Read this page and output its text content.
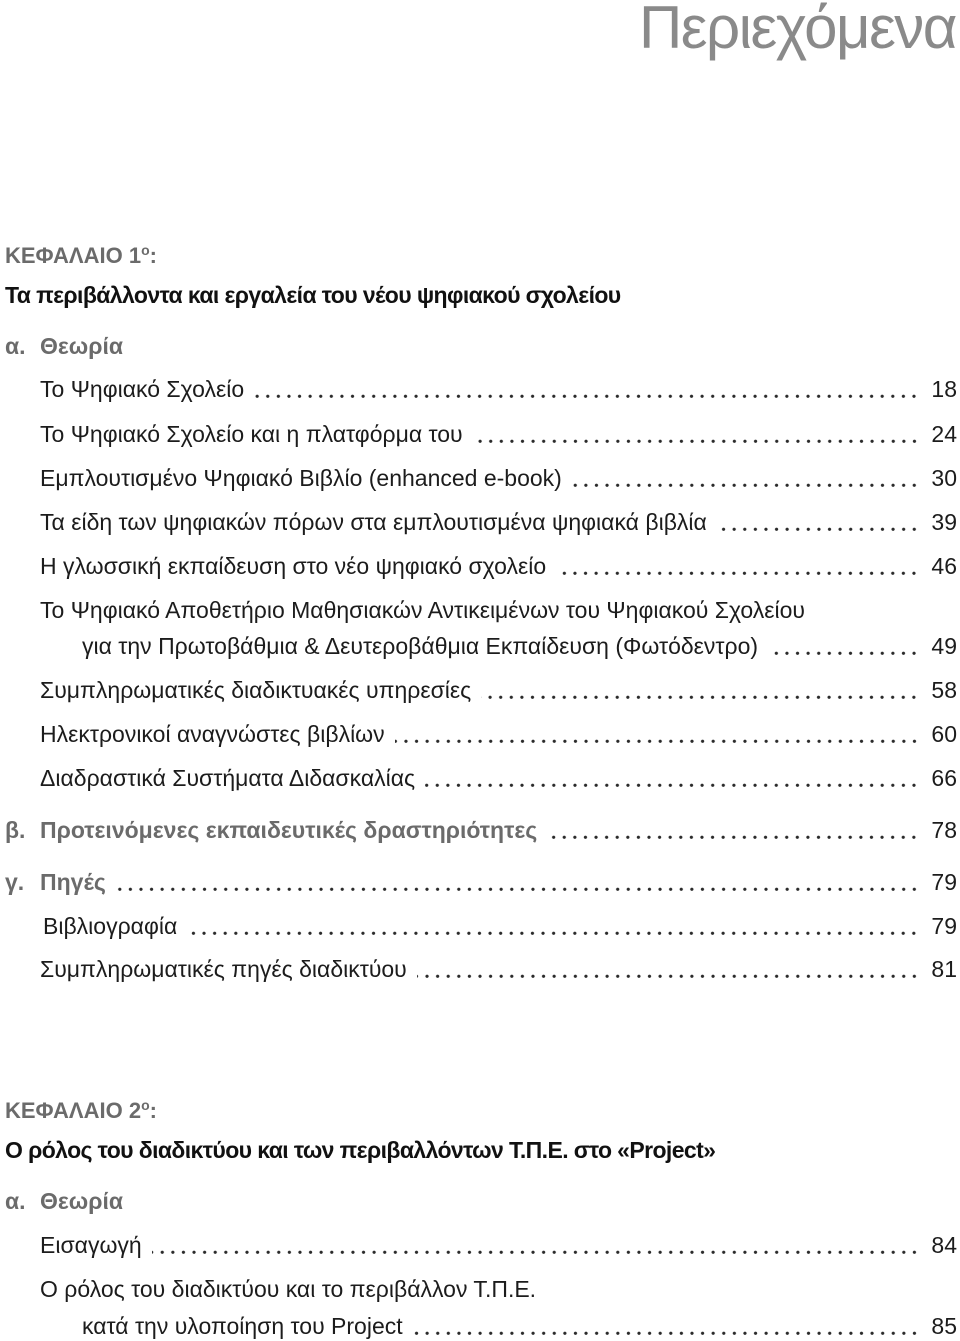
Περιεχόμενα
ΚΕΦΑΛΑΙΟ $1^o$:
Τα περιβάλλοντα και εργαλεία του νέου ψηφιακού σχολείου
α. Θεωρία
Το Ψηφιακό Σχολείο	18
Το Ψηφιακό Σχολείο και η πλατφόρμα του	24
Εμπλουτισμένο Ψηφιακό Βιβλίο (enhanced e-book)	30
Τα είδη των ψηφιακών πόρων στα εμπλουτισμένα ψηφιακά βιβλία	39
Η γλωσσική εκπαίδευση στο νέο ψηφιακό σχολείο	46
Το Ψηφιακό Αποθετήριο Μαθησιακών Αντικειμένων του Ψηφιακού Σχολείου
για την Πρωτοβάθμια & Δευτεροβάθμια Εκπαίδευση (Φωτόδεντρο)	49
Συμπληρωματικές διαδικτυακές υπηρεσίες	58
Ηλεκτρονικοί αναγνώστες βιβλίων	60
Διαδραστικά Συστήματα Διδασκαλίας	66
β. Προτεινόμενες εκπαιδευτικές δραστηριότητες	78
γ. Πηγές	79
Βιβλιογραφία	79
Συμπληρωματικές πηγές διαδικτύου	81
ΚΕΦΑΛΑΙΟ $2^o$:
Ο ρόλος του διαδικτύου και των περιβαλλόντων Τ.Π.Ε. στο «Project»
α. Θεωρία
Εισαγωγή	84
Ο ρόλος του διαδικτύου και το περιβάλλον Τ.Π.Ε.
κατά την υλοποίηση του Project	85
